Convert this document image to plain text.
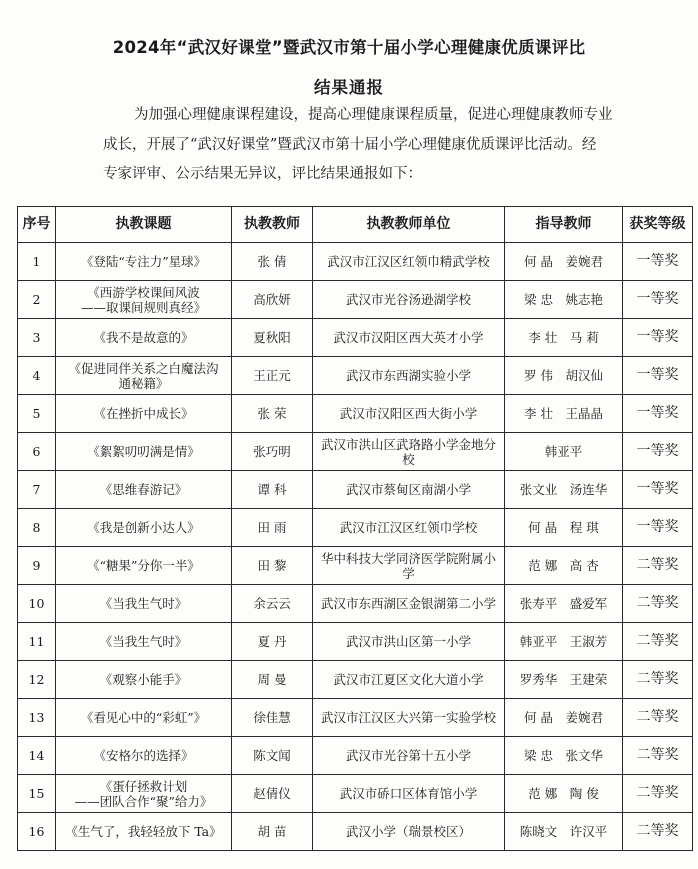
2024年“武汉好课堂”暨武汉市第十届小学心理健康优质课评比
结果通报
为加强心理健康课程建设，提高心理健康课程质量，促进心理健康教师专业
成长，开展了“武汉好课堂”暨武汉市第十届小学心理健康优质课评比活动。经
专家评审、公示结果无异议，评比结果通报如下：
序号	执教课题	执教教师	执教教师单位	指导教师	获奖等级
1	《登陆“专注力”星球》	张 倩	武汉市江汉区红领巾精武学校	何 晶　姜婉君	一等奖
2	《西游学校课间风波
——取课间规则真经》	高欣妍	武汉市光谷汤逊湖学校	梁 忠　姚志艳	一等奖
3	《我不是故意的》	夏秋阳	武汉市汉阳区西大英才小学	李 壮　马 莉	一等奖
4	《促进同伴关系之白魔法沟
通秘籍》	王正元	武汉市东西湖实验小学	罗 伟　胡汉仙	一等奖
5	《在挫折中成长》	张 荣	武汉市汉阳区西大街小学	李 壮　王晶晶	一等奖
6	《絮絮叨叨满是情》	张巧明	武汉市洪山区武珞路小学金地分
校	韩亚平	一等奖
7	《思维春游记》	谭 科	武汉市蔡甸区南湖小学	张文业　汤连华	一等奖
8	《我是创新小达人》	田 雨	武汉市江汉区红领巾学校	何 晶　程 琪	一等奖
9	《“糖果”分你一半》	田 黎	华中科技大学同济医学院附属小
学	范 娜　高 杏	二等奖
10	《当我生气时》	余云云	武汉市东西湖区金银湖第二小学	张寿平　盛爱军	二等奖
11	《当我生气时》	夏 丹	武汉市洪山区第一小学	韩亚平　王淑芳	二等奖
12	《观察小能手》	周 曼	武汉市江夏区文化大道小学	罗秀华　王建荣	二等奖
13	《看见心中的“彩虹”》	徐佳慧	武汉市江汉区大兴第一实验学校	何 晶　姜婉君	二等奖
14	《安格尔的选择》	陈文闻	武汉市光谷第十五小学	梁 忠　张文华	二等奖
15	《蛋仔拯救计划
——团队合作“聚”给力》	赵倩仪	武汉市硚口区体育馆小学	范 娜　陶 俊	二等奖
16	《生气了，我轻轻放下 Ta》	胡 苗	武汉小学（瑞景校区）	陈晓文　许汉平	二等奖
